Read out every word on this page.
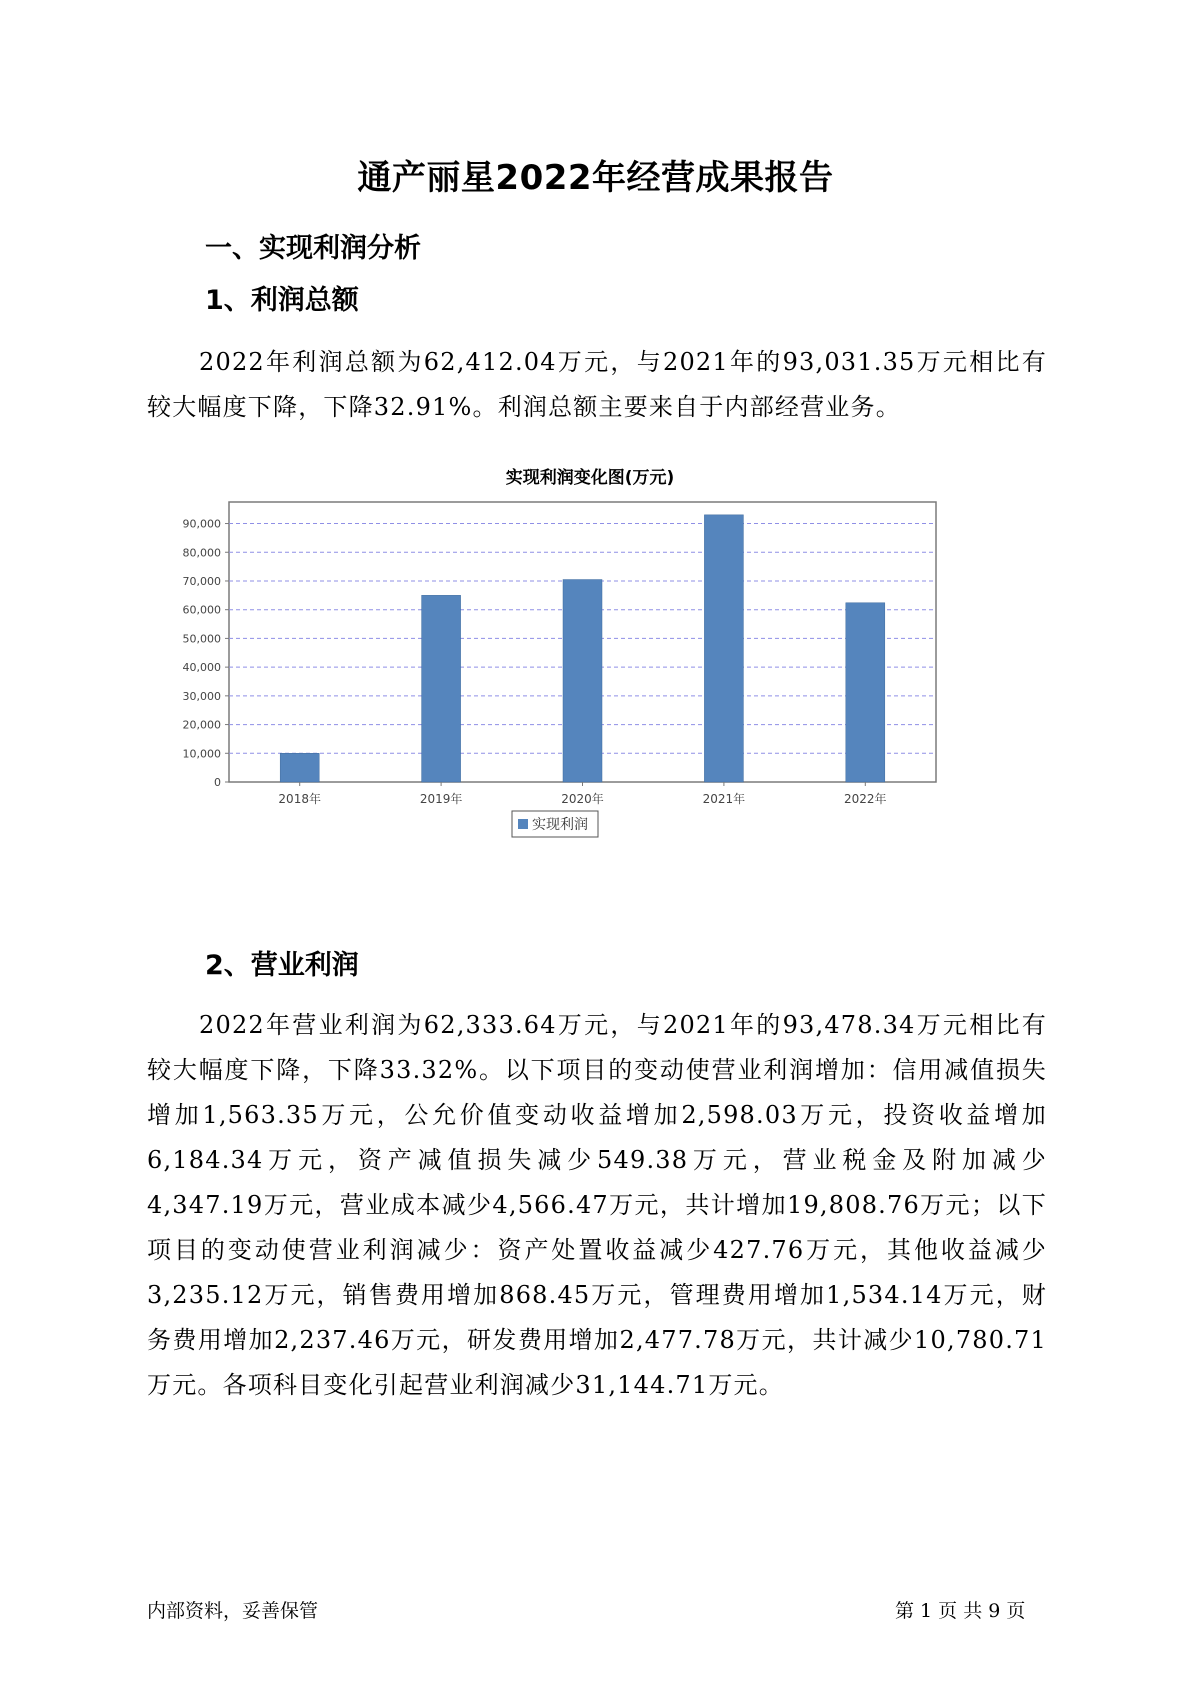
通产丽星2022年经营成果报告
一、实现利润分析
1、利润总额
2022年利润总额为62,412.04万元，与2021年的93,031.35万元相比有较大幅度下降，下降32.91%。利润总额主要来自于内部经营业务。
实现利润变化图(万元)
0
10,000
20,000
30,000
40,000
50,000
60,000
70,000
80,000
90,000
2018年	2019年	2020年	2021年	2022年
实现利润
2、营业利润
2022年营业利润为62,333.64万元，与2021年的93,478.34万元相比有较大幅度下降，下降33.32%。以下项目的变动使营业利润增加：信用减值损失增加1,563.35万元，公允价值变动收益增加2,598.03万元，投资收益增加6,184.34万元，资产减值损失减少549.38万元，营业税金及附加减少4,347.19万元，营业成本减少4,566.47万元，共计增加19,808.76万元；以下项目的变动使营业利润减少：资产处置收益减少427.76万元，其他收益减少3,235.12万元，销售费用增加868.45万元，管理费用增加1,534.14万元，财务费用增加2,237.46万元，研发费用增加2,477.78万元，共计减少10,780.71万元。各项科目变化引起营业利润减少31,144.71万元。
内部资料，妥善保管	第 1 页 共 9 页
